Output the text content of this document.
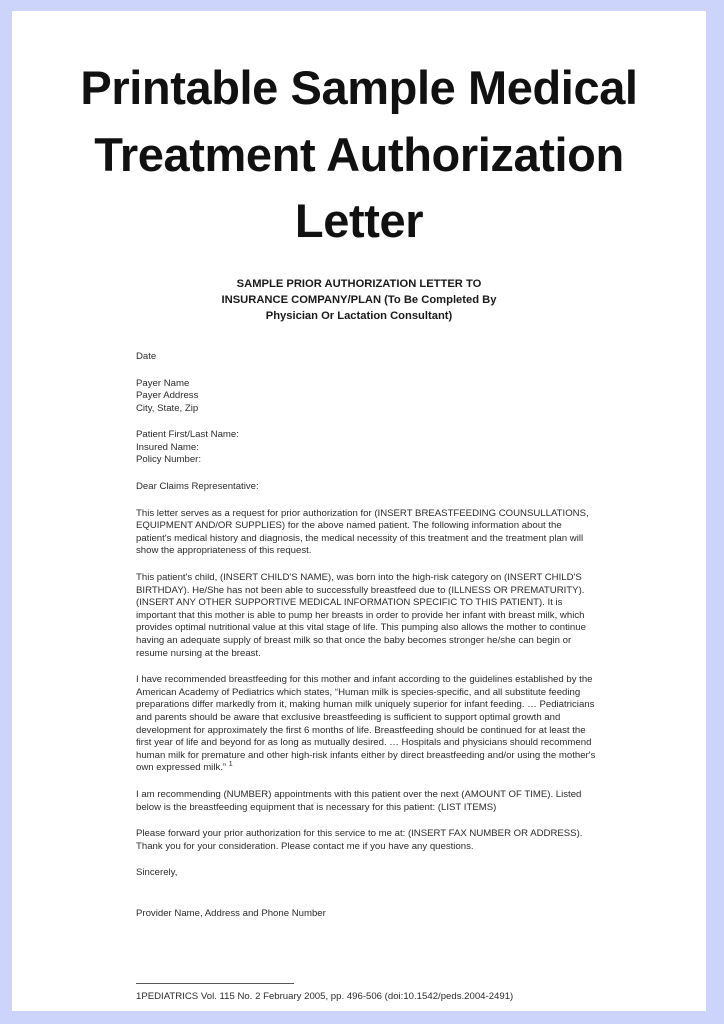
Printable Sample Medical Treatment Authorization Letter
SAMPLE PRIOR AUTHORIZATION LETTER TO
INSURANCE COMPANY/PLAN (To Be Completed By
Physician Or Lactation Consultant)
Date
Payer Name
Payer Address
City, State, Zip
Patient First/Last Name:
Insured Name:
Policy Number:

Dear Claims Representative:

This letter serves as a request for prior authorization for (INSERT BREASTFEEDING COUNSULLATIONS, EQUIPMENT AND/OR SUPPLIES) for the above named patient. The following information about the patient's medical history and diagnosis, the medical necessity of this treatment and the treatment plan will show the appropriateness of this request.

This patient's child, (INSERT CHILD'S NAME), was born into the high-risk category on (INSERT CHILD'S BIRTHDAY). He/She has not been able to successfully breastfeed due to (ILLNESS OR PREMATURITY). (INSERT ANY OTHER SUPPORTIVE MEDICAL INFORMATION SPECIFIC TO THIS PATIENT). It is important that this mother is able to pump her breasts in order to provide her infant with breast milk, which provides optimal nutritional value at this vital stage of life. This pumping also allows the mother to continue having an adequate supply of breast milk so that once the baby becomes stronger he/she can begin or resume nursing at the breast.

I have recommended breastfeeding for this mother and infant according to the guidelines established by the American Academy of Pediatrics which states, “Human milk is species-specific, and all substitute feeding preparations differ markedly from it, making human milk uniquely superior for infant feeding. … Pediatricians and parents should be aware that exclusive breastfeeding is sufficient to support optimal growth and development for approximately the first 6 months of life. Breastfeeding should be continued for at least the first year of life and beyond for as long as mutually desired. … Hospitals and physicians should recommend human milk for premature and other high-risk infants either by direct breastfeeding and/or using the mother's own expressed milk.” $^1$

I am recommending (NUMBER) appointments with this patient over the next (AMOUNT OF TIME). Listed below is the breastfeeding equipment that is necessary for this patient: (LIST ITEMS)

Please forward your prior authorization for this service to me at: (INSERT FAX NUMBER OR ADDRESS). Thank you for your consideration. Please contact me if you have any questions.

Sincerely,

Provider Name, Address and Phone Number

1PEDIATRICS Vol. 115 No. 2 February 2005, pp. 496-506 (doi:10.1542/peds.2004-2491)
